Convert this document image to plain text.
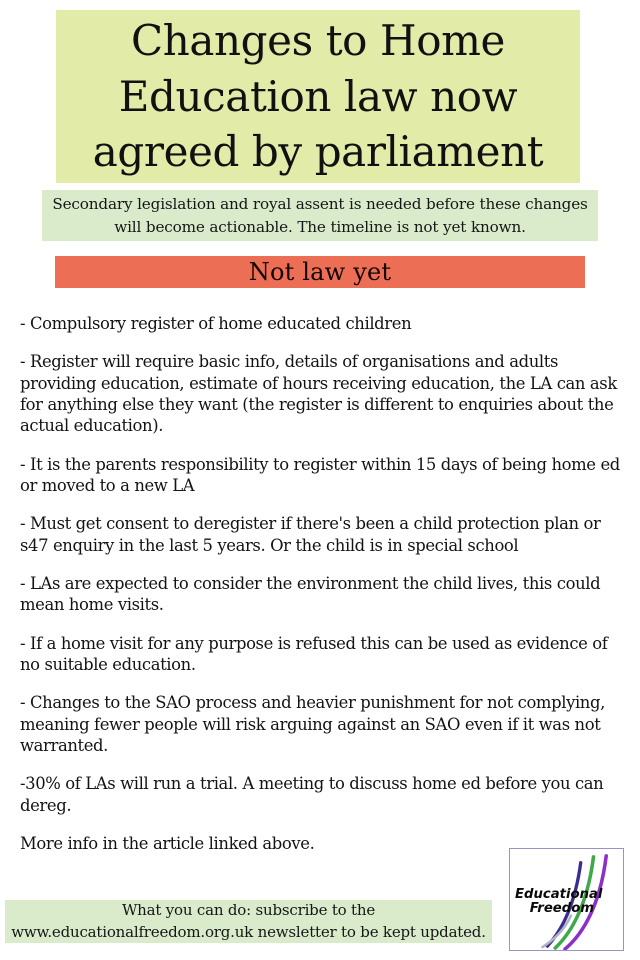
Changes to Home Education law now agreed by parliament
Secondary legislation and royal assent is needed before these changes will become actionable. The timeline is not yet known.
Not law yet

- Compulsory register of home educated children

- Register will require basic info, details of organisations and adults providing education, estimate of hours receiving education, the LA can ask for anything else they want (the register is different to enquiries about the actual education).

- It is the parents responsibility to register within 15 days of being home ed or moved to a new LA

- Must get consent to deregister if there's been a child protection plan or s47 enquiry in the last 5 years. Or the child is in special school

- LAs are expected to consider the environment the child lives, this could mean home visits.

- If a home visit for any purpose is refused this can be used as evidence of no suitable education.

- Changes to the SAO process and heavier punishment for not complying, meaning fewer people will risk arguing against an SAO even if it was not warranted.

-30% of LAs will run a trial. A meeting to discuss home ed before you can dereg.

More info in the article linked above.

What you can do: subscribe to the www.educationalfreedom.org.uk newsletter to be kept updated.
Educational
Freedom
